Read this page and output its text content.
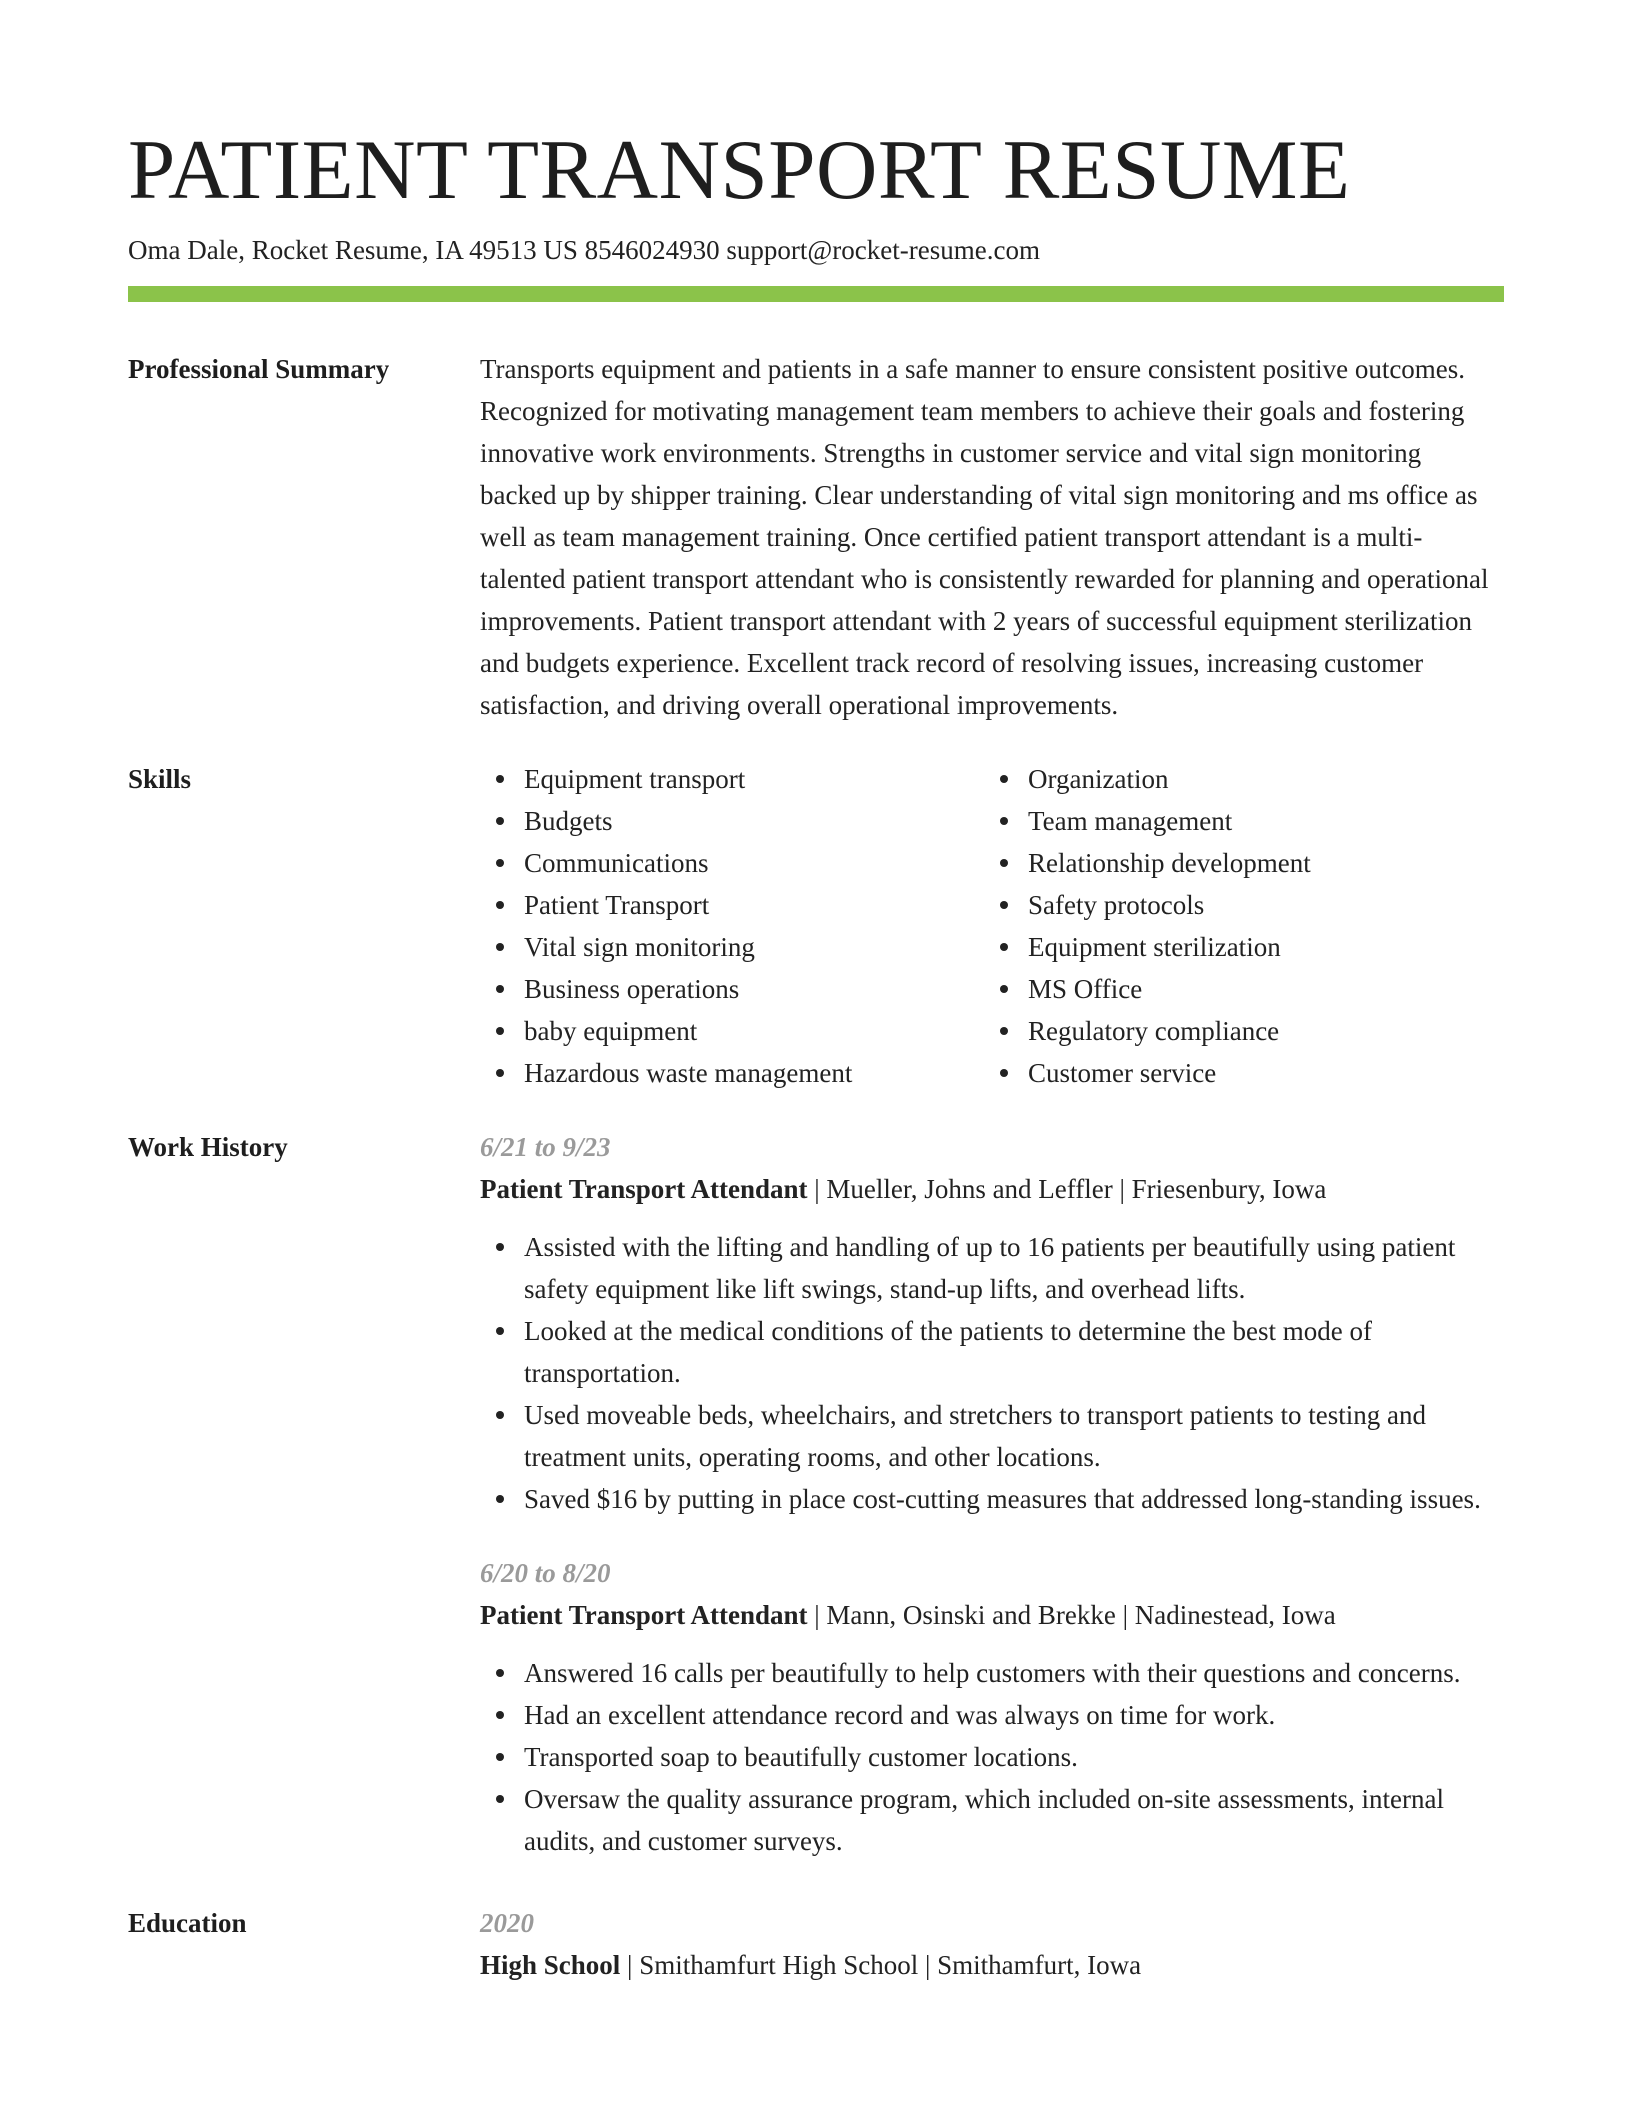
PATIENT TRANSPORT RESUME
Oma Dale, Rocket Resume, IA 49513 US 8546024930 support@rocket-resume.com
Professional Summary	Transports equipment and patients in a safe manner to ensure consistent positive outcomes. Recognized for motivating management team members to achieve their goals and fostering innovative work environments. Strengths in customer service and vital sign monitoring backed up by shipper training. Clear understanding of vital sign monitoring and ms office as well as team management training. Once certified patient transport attendant is a multi-talented patient transport attendant who is consistently rewarded for planning and operational improvements. Patient transport attendant with 2 years of successful equipment sterilization and budgets experience. Excellent track record of resolving issues, increasing customer satisfaction, and driving overall operational improvements.
Skills	Equipment transport
Budgets
Communications
Patient Transport
Vital sign monitoring
Business operations
baby equipment
Hazardous waste management
Organization
Team management
Relationship development
Safety protocols
Equipment sterilization
MS Office
Regulatory compliance
Customer service
Work History	6/21 to 9/23
Patient Transport Attendant | Mueller, Johns and Leffler | Friesenbury, Iowa
Assisted with the lifting and handling of up to 16 patients per beautifully using patient safety equipment like lift swings, stand-up lifts, and overhead lifts.
Looked at the medical conditions of the patients to determine the best mode of transportation.
Used moveable beds, wheelchairs, and stretchers to transport patients to testing and treatment units, operating rooms, and other locations.
Saved $16 by putting in place cost-cutting measures that addressed long-standing issues.
6/20 to 8/20
Patient Transport Attendant | Mann, Osinski and Brekke | Nadinestead, Iowa
Answered 16 calls per beautifully to help customers with their questions and concerns.
Had an excellent attendance record and was always on time for work.
Transported soap to beautifully customer locations.
Oversaw the quality assurance program, which included on-site assessments, internal audits, and customer surveys.
Education	2020
High School | Smithamfurt High School | Smithamfurt, Iowa
